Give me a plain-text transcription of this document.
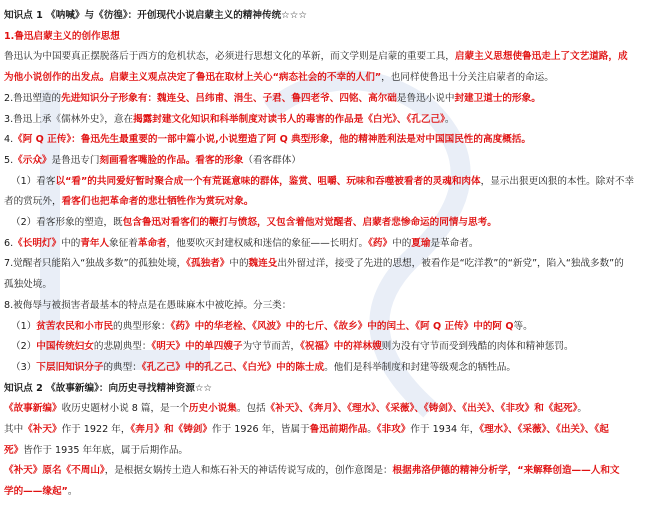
知识点 1 《呐喊》与《彷徨》：开创现代小说启蒙主义的精神传统☆☆☆
1.鲁迅启蒙主义的创作思想
鲁迅认为中国要真正摆脱落后于西方的危机状态，必须进行思想文化的革新，而文学则是启蒙的重要工具，启蒙主义思想使鲁迅走上了文艺道路，成
为他小说创作的出发点。启蒙主义观点决定了鲁迅在取材上关心“病态社会的不幸的人们”，也同样使鲁迅十分关注启蒙者的命运。
2.鲁迅塑造的先进知识分子形象有：魏连殳、吕纬甫、涓生、子君、鲁四老爷、四铭、高尔础是鲁迅小说中封建卫道士的形象。
3.鲁迅上承《儒林外史》，意在揭露封建文化知识和科举制度对读书人的毒害的作品是《白光》、《孔乙己》。
4.《阿 Q 正传》：鲁迅先生最重要的一部中篇小说,小说塑造了阿 Q 典型形象，他的精神胜利法是对中国国民性的高度概括。
5.《示众》是鲁迅专门刻画看客嘴脸的作品。看客的形象（看客群体）
（1）看客以“看”的共同爱好暂时聚合成一个有荒诞意味的群体，鉴赏、咀嚼、玩味和吞噬被看者的灵魂和肉体，显示出狠更凶狠的本性。除对不幸
者的赏玩外，看客们也把革命者的悲壮牺牲作为赏玩对象。
（2）看客形象的塑造，既包含鲁迅对看客们的鞭打与愤怒，又包含着他对觉醒者、启蒙者悲惨命运的同情与思考。
6.《长明灯》中的青年人象征着革命者，他要吹灭封建权威和迷信的象征——长明灯。《药》中的夏瑜是革命者。
7.觉醒者只能陷入“独战多数”的孤独处境，《孤独者》中的魏连殳出外留过洋，接受了先进的思想，被看作是“吃洋教”的“新党”，陷入“独战多数”的
孤独处境。
8.被侮辱与被损害者最基本的特点是在愚昧麻木中被吃掉。分三类：
（1）贫苦农民和小市民的典型形象：《药》中的华老栓、《风波》中的七斤、《故乡》中的闰土、《阿 Q 正传》中的阿 Q等。
（2）中国传统妇女的悲剧典型：《明天》中的单四嫂子为守节而苦，《祝福》中的祥林嫂则为没有守节而受到残酷的肉体和精神惩罚。
（3）下层旧知识分子的典型：《孔乙己》中的孔乙己、《白光》中的陈士成。他们是科举制度和封建等级观念的牺牲品。
知识点 2 《故事新编》：向历史寻找精神资源☆☆
《故事新编》收历史题材小说 8 篇，是一个历史小说集。包括《补天》、《奔月》、《理水》、《采薇》、《铸剑》、《出关》、《非攻》和《起死》。
其中《补天》作于 1922 年，《奔月》和《铸剑》作于 1926 年，皆属于鲁迅前期作品。《非攻》作于 1934 年，《理水》、《采薇》、《出关》、《起
死》皆作于 1935 年年底，属于后期作品。
《补天》原名《不周山》，是根据女娲抟土造人和炼石补天的神话传说写成的，创作意图是：根据弗洛伊德的精神分析学，“来解释创造——人和文
学的——缘起”。
